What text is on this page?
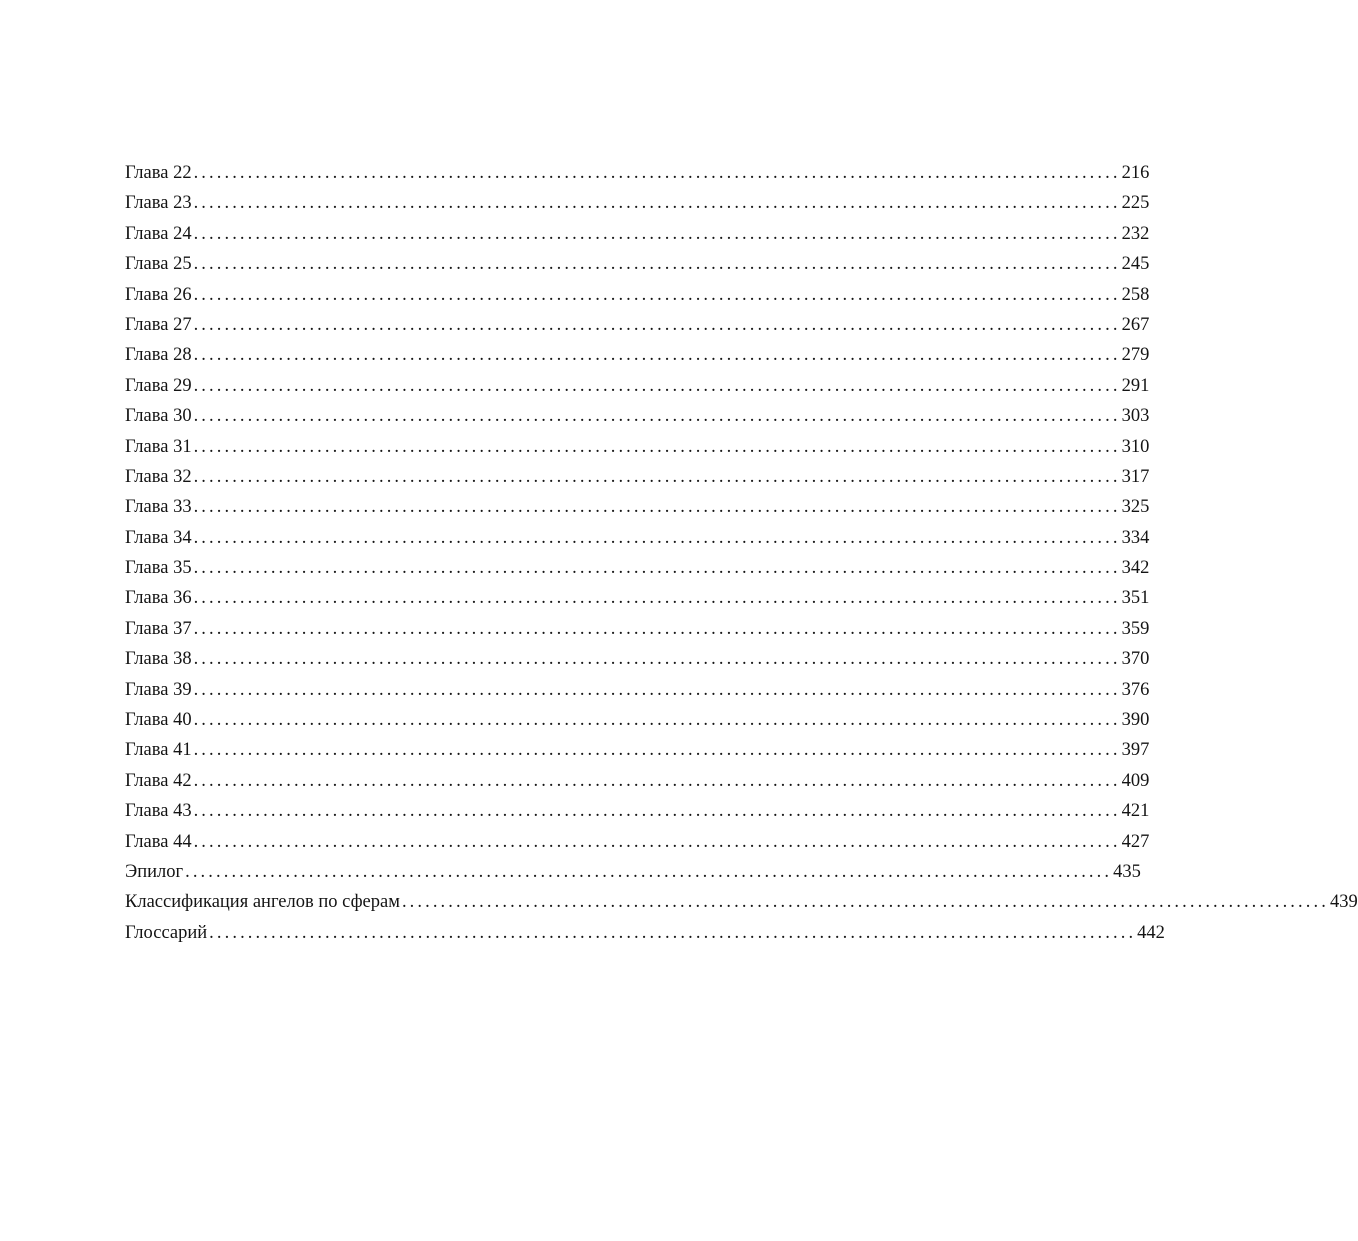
Глава 22 ........................................................................................................................ 216
Глава 23 ........................................................................................................................ 225
Глава 24 ........................................................................................................................ 232
Глава 25 ........................................................................................................................ 245
Глава 26 ........................................................................................................................ 258
Глава 27 ........................................................................................................................ 267
Глава 28 ........................................................................................................................ 279
Глава 29 ........................................................................................................................ 291
Глава 30 ........................................................................................................................ 303
Глава 31 ........................................................................................................................ 310
Глава 32 ........................................................................................................................ 317
Глава 33 ........................................................................................................................ 325
Глава 34 ........................................................................................................................ 334
Глава 35 ........................................................................................................................ 342
Глава 36 ........................................................................................................................ 351
Глава 37 ........................................................................................................................ 359
Глава 38 ........................................................................................................................ 370
Глава 39 ........................................................................................................................ 376
Глава 40 ........................................................................................................................ 390
Глава 41 ........................................................................................................................ 397
Глава 42 ........................................................................................................................ 409
Глава 43 ........................................................................................................................ 421
Глава 44 ........................................................................................................................ 427
Эпилог ........................................................................................................................ 435
Классификация ангелов по сферам ........................................................................................................................ 439
Глоссарий ........................................................................................................................ 442
